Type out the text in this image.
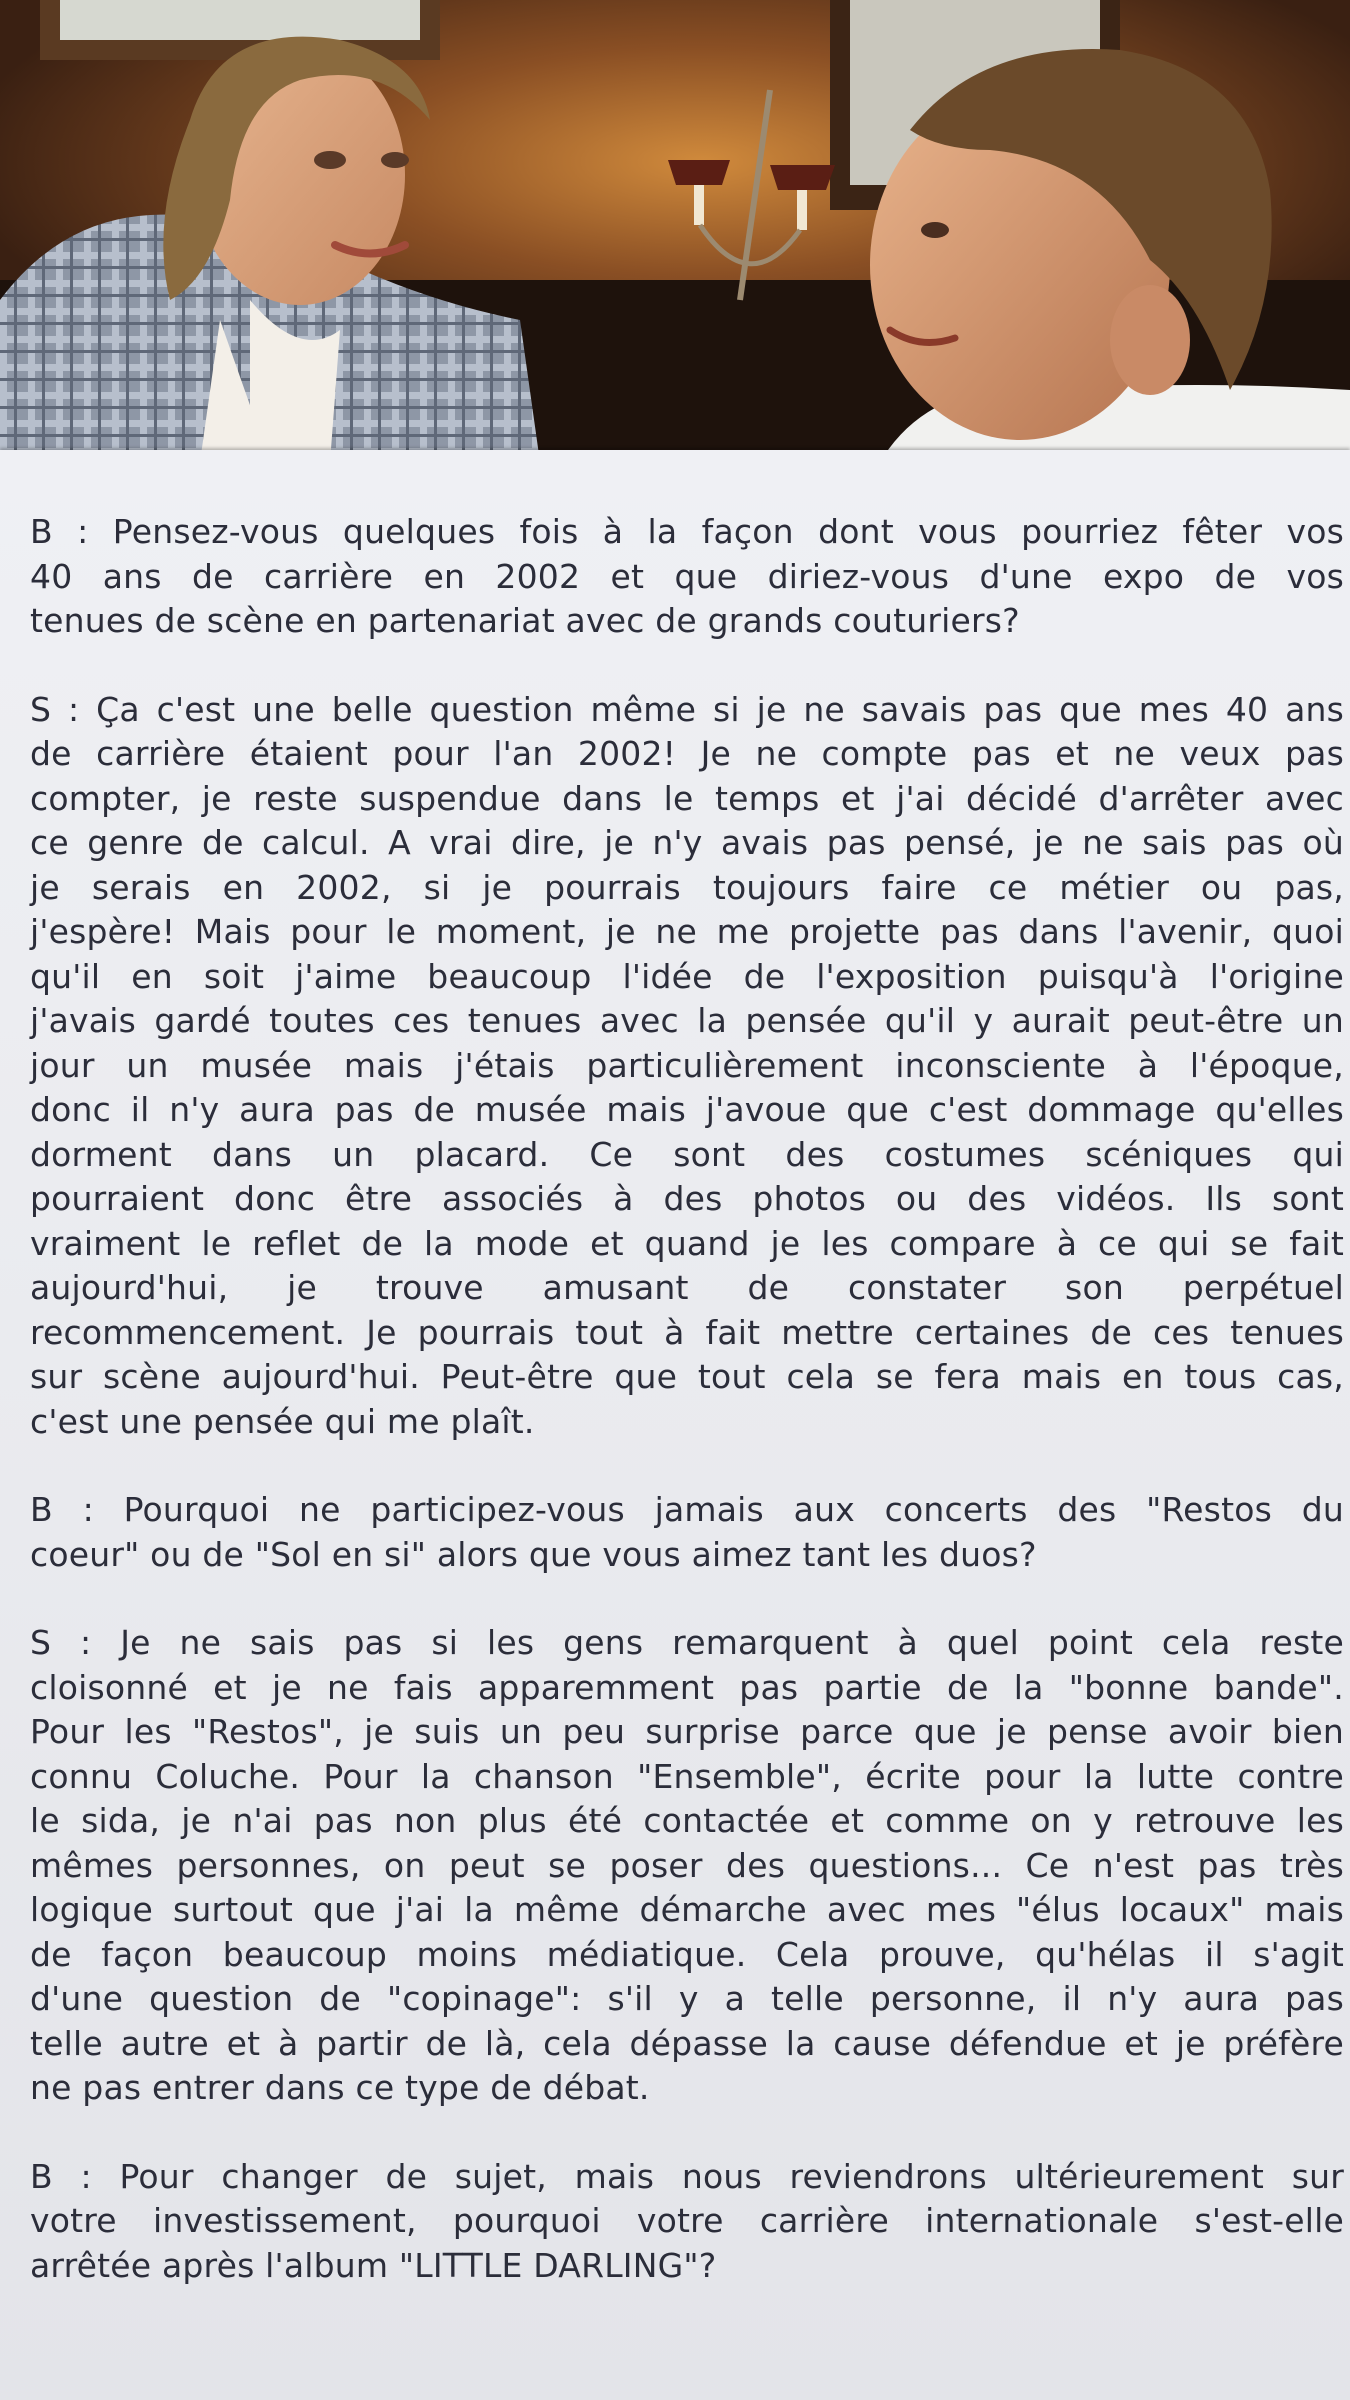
B : Pensez-vous quelques fois à la façon dont vous pourriez fêter vos
40 ans de carrière en 2002 et que diriez-vous d'une expo de vos
tenues de scène en partenariat avec de grands couturiers?
S : Ça c'est une belle question même si je ne savais pas que mes 40 ans
de carrière étaient pour l'an 2002! Je ne compte pas et ne veux pas
compter, je reste suspendue dans le temps et j'ai décidé d'arrêter avec
ce genre de calcul. A vrai dire, je n'y avais pas pensé, je ne sais pas où
je serais en 2002, si je pourrais toujours faire ce métier ou pas,
j'espère! Mais pour le moment, je ne me projette pas dans l'avenir, quoi
qu'il en soit j'aime beaucoup l'idée de l'exposition puisqu'à l'origine
j'avais gardé toutes ces tenues avec la pensée qu'il y aurait peut-être un
jour un musée mais j'étais particulièrement inconsciente à l'époque,
donc il n'y aura pas de musée mais j'avoue que c'est dommage qu'elles
dorment dans un placard. Ce sont des costumes scéniques qui
pourraient donc être associés à des photos ou des vidéos. Ils sont
vraiment le reflet de la mode et quand je les compare à ce qui se fait
aujourd'hui, je trouve amusant de constater son perpétuel
recommencement. Je pourrais tout à fait mettre certaines de ces tenues
sur scène aujourd'hui. Peut-être que tout cela se fera mais en tous cas,
c'est une pensée qui me plaît.
B : Pourquoi ne participez-vous jamais aux concerts des "Restos du
coeur" ou de "Sol en si" alors que vous aimez tant les duos?
S : Je ne sais pas si les gens remarquent à quel point cela reste
cloisonné et je ne fais apparemment pas partie de la "bonne bande".
Pour les "Restos", je suis un peu surprise parce que je pense avoir bien
connu Coluche. Pour la chanson "Ensemble", écrite pour la lutte contre
le sida, je n'ai pas non plus été contactée et comme on y retrouve les
mêmes personnes, on peut se poser des questions... Ce n'est pas très
logique surtout que j'ai la même démarche avec mes "élus locaux" mais
de façon beaucoup moins médiatique. Cela prouve, qu'hélas il s'agit
d'une question de "copinage": s'il y a telle personne, il n'y aura pas
telle autre et à partir de là, cela dépasse la cause défendue et je préfère
ne pas entrer dans ce type de débat.
B : Pour changer de sujet, mais nous reviendrons ultérieurement sur
votre investissement, pourquoi votre carrière internationale s'est-elle
arrêtée après l'album "LITTLE DARLING"?
